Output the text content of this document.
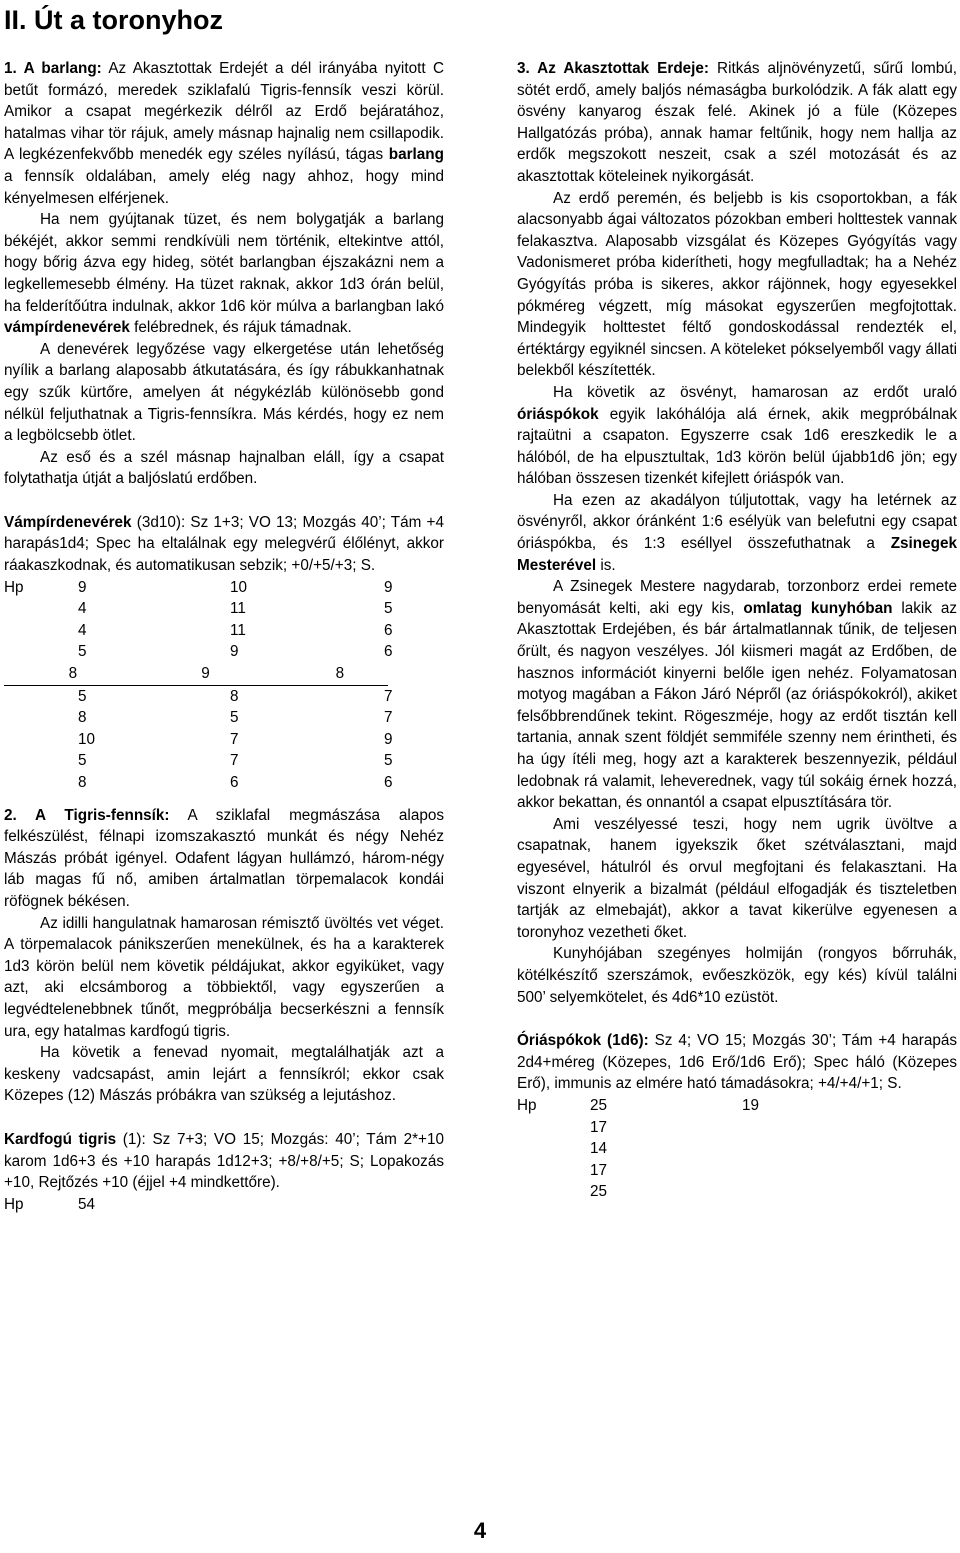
II. Út a toronyhoz

1. A barlang: Az Akasztottak Erdejét a dél irányába nyitott C betűt formázó, meredek sziklafalú Tigris-fennsík veszi körül. Amikor a csapat megérkezik délről az Erdő bejáratához, hatalmas vihar tör rájuk, amely másnap hajnalig nem csillapodik. A legkézenfekvőbb menedék egy széles nyílású, tágas barlang a fennsík oldalában, amely elég nagy ahhoz, hogy mind kényelmesen elférjenek.

Ha nem gyújtanak tüzet, és nem bolygatják a barlang békéjét, akkor semmi rendkívüli nem történik, eltekintve attól, hogy bőrig ázva egy hideg, sötét barlangban éjszakázni nem a legkellemesebb élmény. Ha tüzet raknak, akkor 1d3 órán belül, ha felderítőútra indulnak, akkor 1d6 kör múlva a barlangban lakó vámpírdenevérek felébrednek, és rájuk támadnak.

A denevérek legyőzése vagy elkergetése után lehetőség nyílik a barlang alaposabb átkutatására, és így rábukkanhatnak egy szűk kürtőre, amelyen át négykézláb különösebb gond nélkül feljuthatnak a Tigris-fennsíkra. Más kérdés, hogy ez nem a legbölcsebb ötlet.

Az eső és a szél másnap hajnalban eláll, így a csapat folytathatja útját a baljóslatú erdőben.

Vámpírdenevérek (3d10): Sz 1+3; VO 13; Mozgás 40’; Tám +4 harapás1d4; Spec ha eltalálnak egy melegvérű élőlényt, akkor ráakaszkodnak, és automatikusan sebzik; +0/+5/+3; S.

Hp	9	10	9
4	11	5
4	11	6
5	9	6
8	9	8
5	8	7
8	5	7
10	7	9
5	7	5
8	6	6

2. A Tigris-fennsík: A sziklafal megmászása alapos felkészülést, félnapi izomszakasztó munkát és négy Nehéz Mászás próbát igényel. Odafent lágyan hullámzó, három-négy láb magas fű nő, amiben ártalmatlan törpemalacok kondái röfögnek békésen.

Az idilli hangulatnak hamarosan rémisztő üvöltés vet véget. A törpemalacok pánikszerűen menekülnek, és ha a karakterek 1d3 körön belül nem követik példájukat, akkor egyiküket, vagy azt, aki elcsámborog a többiektől, vagy egyszerűen a legvédtelenebbnek tűnőt, megpróbálja becserkészni a fennsík ura, egy hatalmas kardfogú tigris.

Ha követik a fenevad nyomait, megtalálhatják azt a keskeny vadcsapást, amin lejárt a fennsíkról; ekkor csak Közepes (12) Mászás próbákra van szükség a lejutáshoz.

Kardfogú tigris (1): Sz 7+3; VO 15; Mozgás: 40’; Tám 2*+10 karom 1d6+3 és +10 harapás 1d12+3; +8/+8/+5; S; Lopakozás +10, Rejtőzés +10 (éjjel +4 mindkettőre).

Hp	54

3. Az Akasztottak Erdeje: Ritkás aljnövényzetű, sűrű lombú, sötét erdő, amely baljós némaságba burkolódzik. A fák alatt egy ösvény kanyarog észak felé. Akinek jó a füle (Közepes Hallgatózás próba), annak hamar feltűnik, hogy nem hallja az erdők megszokott neszeit, csak a szél motozását és az akasztottak köteleinek nyikorgását.

Az erdő peremén, és beljebb is kis csoportokban, a fák alacsonyabb ágai változatos pózokban emberi holttestek vannak felakasztva. Alaposabb vizsgálat és Közepes Gyógyítás vagy Vadonismeret próba kiderítheti, hogy megfulladtak; ha a Nehéz Gyógyítás próba is sikeres, akkor rájönnek, hogy egyesekkel pókméreg végzett, míg másokat egyszerűen megfojtottak. Mindegyik holttestet féltő gondoskodással rendezték el, értéktárgy egyiknél sincsen. A köteleket pókselyemből vagy állati belekből készítették.

Ha követik az ösvényt, hamarosan az erdőt uraló óriáspókok egyik lakóhálója alá érnek, akik megpróbálnak rajtaütni a csapaton. Egyszerre csak 1d6 ereszkedik le a hálóból, de ha elpusztultak, 1d3 körön belül újabb1d6 jön; egy hálóban összesen tizenkét kifejlett óriáspók van.

Ha ezen az akadályon túljutottak, vagy ha letérnek az ösvényről, akkor óránként 1:6 esélyük van belefutni egy csapat óriáspókba, és 1:3 eséllyel összefuthatnak a Zsinegek Mesterével is.

A Zsinegek Mestere nagydarab, torzonborz erdei remete benyomását kelti, aki egy kis, omlatag kunyhóban lakik az Akasztottak Erdejében, és bár ártalmatlannak tűnik, de teljesen őrült, és nagyon veszélyes. Jól kiismeri magát az Erdőben, de hasznos információt kinyerni belőle igen nehéz. Folyamatosan motyog magában a Fákon Járó Népről (az óriáspókokról), akiket felsőbbrendűnek tekint. Rögeszméje, hogy az erdőt tisztán kell tartania, annak szent földjét semmiféle szenny nem érintheti, és ha úgy ítéli meg, hogy azt a karakterek beszennyezik, például ledobnak rá valamit, leheverednek, vagy túl sokáig érnek hozzá, akkor bekattan, és onnantól a csapat elpusztítására tör.

Ami veszélyessé teszi, hogy nem ugrik üvöltve a csapatnak, hanem igyekszik őket szétválasztani, majd egyesével, hátulról és orvul megfojtani és felakasztani. Ha viszont elnyerik a bizalmát (például elfogadják és tiszteletben tartják az elmebaját), akkor a tavat kikerülve egyenesen a toronyhoz vezetheti őket.

Kunyhójában szegényes holmiján (rongyos bőrruhák, kötélkészítő szerszámok, evőeszközök, egy kés) kívül találni 500’ selyemkötelet, és 4d6*10 ezüstöt.

Óriáspókok (1d6): Sz 4; VO 15; Mozgás 30’; Tám +4 harapás 2d4+méreg (Közepes, 1d6 Erő/1d6 Erő); Spec háló (Közepes Erő), immunis az elmére ható támadásokra; +4/+4/+1; S.

Hp	25	19
17
14
17
25
4
